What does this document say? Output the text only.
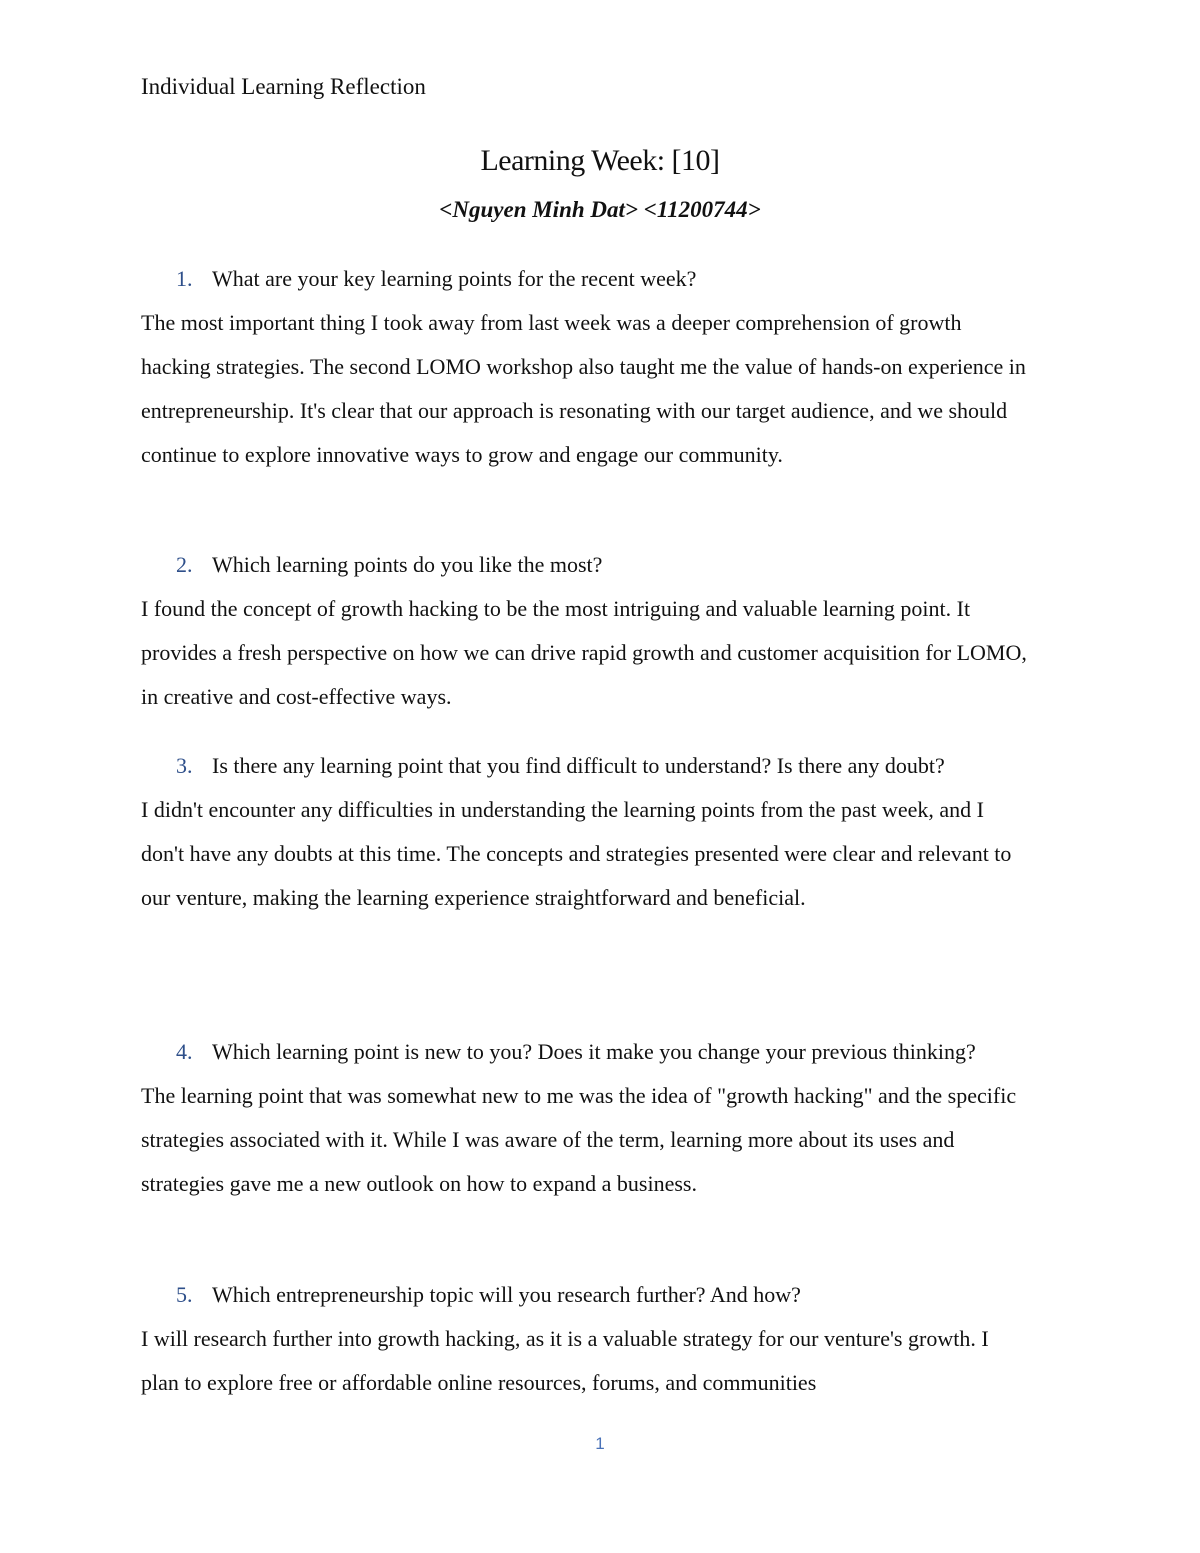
Individual Learning Reflection
Learning Week: [10]
<Nguyen Minh Dat> <11200744>
1. What are your key learning points for the recent week?
The most important thing I took away from last week was a deeper comprehension of growth hacking strategies. The second LOMO workshop also taught me the value of hands-on experience in entrepreneurship. It's clear that our approach is resonating with our target audience, and we should continue to explore innovative ways to grow and engage our community.
2. Which learning points do you like the most?
I found the concept of growth hacking to be the most intriguing and valuable learning point. It provides a fresh perspective on how we can drive rapid growth and customer acquisition for LOMO, in creative and cost-effective ways.
3. Is there any learning point that you find difficult to understand? Is there any doubt?
I didn't encounter any difficulties in understanding the learning points from the past week, and I don't have any doubts at this time. The concepts and strategies presented were clear and relevant to our venture, making the learning experience straightforward and beneficial.
4. Which learning point is new to you? Does it make you change your previous thinking?
The learning point that was somewhat new to me was the idea of "growth hacking" and the specific strategies associated with it. While I was aware of the term, learning more about its uses and strategies gave me a new outlook on how to expand a business.
5. Which entrepreneurship topic will you research further? And how?
I will research further into growth hacking, as it is a valuable strategy for our venture's growth. I plan to explore free or affordable online resources, forums, and communities
1
